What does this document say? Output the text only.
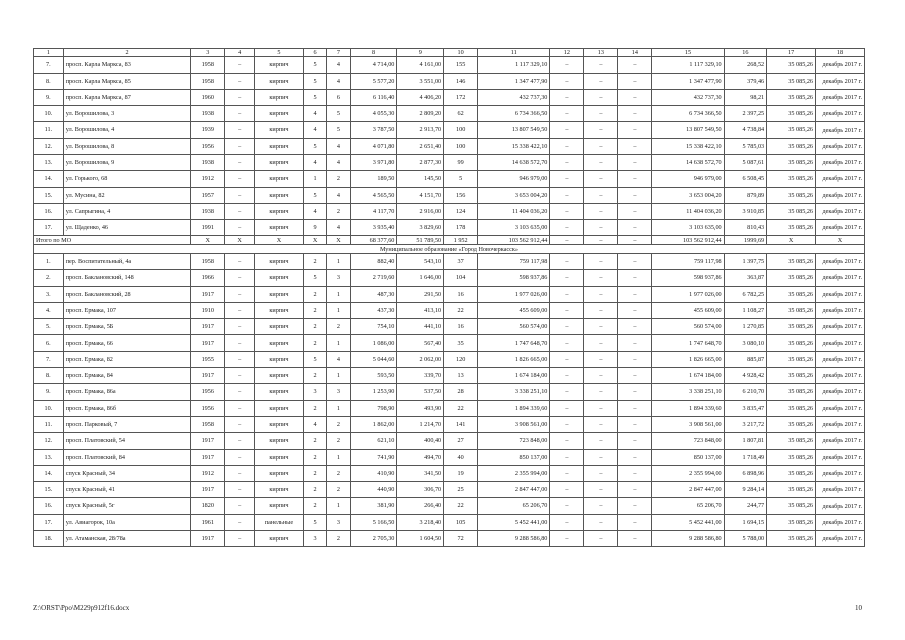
1	2	3	4	5	6	7	8	9	10	11	12	13	14	15	16	17	18
7.	просп. Карла Маркса, 83	1958	–	кирпич	5	4	4 714,00	4 161,00	155	1 117 329,10	–	–	–	1 117 329,10	268,52	35 085,26	декабрь 2017 г.
8.	просп. Карла Маркса, 85	1958	–	кирпич	5	4	5 577,20	3 551,00	146	1 347 477,90	–	–	–	1 347 477,90	379,46	35 085,26	декабрь 2017 г.
9.	просп. Карла Маркса, 87	1960	–	кирпич	5	6	6 116,40	4 406,20	172	432 737,30	–	–	–	432 737,30	98,21	35 085,26	декабрь 2017 г.
10.	ул. Ворошилова, 3	1938	–	кирпич	4	5	4 055,30	2 809,20	62	6 734 366,50	–	–	–	6 734 366,50	2 397,25	35 085,26	декабрь 2017 г.
11.	ул. Ворошилова, 4	1939	–	кирпич	4	5	3 787,50	2 913,70	100	13 807 549,50	–	–	–	13 807 549,50	4 738,84	35 085,26	декабрь 2017 г.
12.	ул. Ворошилова, 8	1956	–	кирпич	5	4	4 071,80	2 651,40	100	15 338 422,10	–	–	–	15 338 422,10	5 785,03	35 085,26	декабрь 2017 г.
13.	ул. Ворошилова, 9	1938	–	кирпич	4	4	3 971,80	2 877,30	99	14 638 572,70	–	–	–	14 638 572,70	5 087,61	35 085,26	декабрь 2017 г.
14.	ул. Горького, 68	1912	–	кирпич	1	2	189,50	145,50	5	946 979,00	–	–	–	946 979,00	6 508,45	35 085,26	декабрь 2017 г.
15.	ул. Мусина, 82	1957	–	кирпич	5	4	4 565,50	4 151,70	156	3 653 004,20	–	–	–	3 653 004,20	879,89	35 085,26	декабрь 2017 г.
16.	ул. Сапрыгина, 4	1938	–	кирпич	4	2	4 117,70	2 916,00	124	11 404 036,20	–	–	–	11 404 036,20	3 910,85	35 085,26	декабрь 2017 г.
17.	ул. Щаденко, 46	1991	–	кирпич	9	4	3 935,40	3 829,60	178	3 103 635,00	–	–	–	3 103 635,00	810,43	35 085,26	декабрь 2017 г.
Итого по МО		X	X	X	X	X	68 377,60	51 789,50	1 952	103 562 912,44	–	–	–	103 562 912,44	1999,69	X	X
Муниципальное образование «Город Новочеркасск»																	
1.	пер. Воспитательный, 4а	1958	–	кирпич	2	1	882,40	543,10	37	759 117,98	–	–	–	759 117,98	1 397,75	35 085,26	декабрь 2017 г.
2.	просп. Баклановский, 148	1966	–	кирпич	5	3	2 719,60	1 646,00	104	598 937,86	–	–	–	598 937,86	363,87	35 085,26	декабрь 2017 г.
3.	просп. Баклановский, 28	1917	–	кирпич	2	1	487,30	291,50	16	1 977 026,00	–	–	–	1 977 026,00	6 782,25	35 085,26	декабрь 2017 г.
4.	просп. Ермака, 107	1910	–	кирпич	2	1	437,30	413,10	22	455 609,00	–	–	–	455 609,00	1 108,27	35 085,26	декабрь 2017 г.
5.	просп. Ермака, 5Б	1917	–	кирпич	2	2	754,10	441,10	16	560 574,00	–	–	–	560 574,00	1 270,85	35 085,26	декабрь 2017 г.
6.	просп. Ермака, 66	1917	–	кирпич	2	1	1 086,00	567,40	35	1 747 648,70	–	–	–	1 747 648,70	3 080,10	35 085,26	декабрь 2017 г.
7.	просп. Ермака, 82	1955	–	кирпич	5	4	5 044,60	2 062,00	120	1 826 665,00	–	–	–	1 826 665,00	885,87	35 085,26	декабрь 2017 г.
8.	просп. Ермака, 84	1917	–	кирпич	2	1	593,50	339,70	13	1 674 184,00	–	–	–	1 674 184,00	4 928,42	35 085,26	декабрь 2017 г.
9.	просп. Ермака, 86а	1956	–	кирпич	3	3	1 253,90	537,50	28	3 338 251,10	–	–	–	3 338 251,10	6 210,70	35 085,26	декабрь 2017 г.
10.	просп. Ермака, 86б	1956	–	кирпич	2	1	798,90	493,90	22	1 894 339,60	–	–	–	1 894 339,60	3 835,47	35 085,26	декабрь 2017 г.
11.	просп. Парковый, 7	1958	–	кирпич	4	2	1 862,00	1 214,70	141	3 908 561,00	–	–	–	3 908 561,00	3 217,72	35 085,26	декабрь 2017 г.
12.	просп. Платовский, 54	1917	–	кирпич	2	2	621,10	400,40	27	723 848,00	–	–	–	723 848,00	1 807,81	35 085,26	декабрь 2017 г.
13.	просп. Платовский, 84	1917	–	кирпич	2	1	741,90	494,70	40	850 137,00	–	–	–	850 137,00	1 718,49	35 085,26	декабрь 2017 г.
14.	спуск Красный, 34	1912	–	кирпич	2	2	410,90	341,50	19	2 355 994,00	–	–	–	2 355 994,00	6 898,96	35 085,26	декабрь 2017 г.
15.	спуск Красный, 41	1917	–	кирпич	2	2	440,90	306,70	25	2 847 447,00	–	–	–	2 847 447,00	9 284,14	35 085,26	декабрь 2017 г.
16.	спуск Красный, 5г	1820	–	кирпич	2	1	381,90	266,40	22	65 206,70	–	–	–	65 206,70	244,77	35 085,26	декабрь 2017 г.
17.	ул. Авиагорок, 10а	1961	–	панельные	5	3	5 166,50	3 218,40	105	5 452 441,00	–	–	–	5 452 441,00	1 694,15	35 085,26	декабрь 2017 г.
18.	ул. Атаманская, 28/78а	1917	–	кирпич	3	2	2 705,30	1 604,50	72	9 288 586,80	–	–	–	9 288 586,80	5 788,00	35 085,26	декабрь 2017 г.
Z:\ORST\Ppo\M229p912f16.docx	10
